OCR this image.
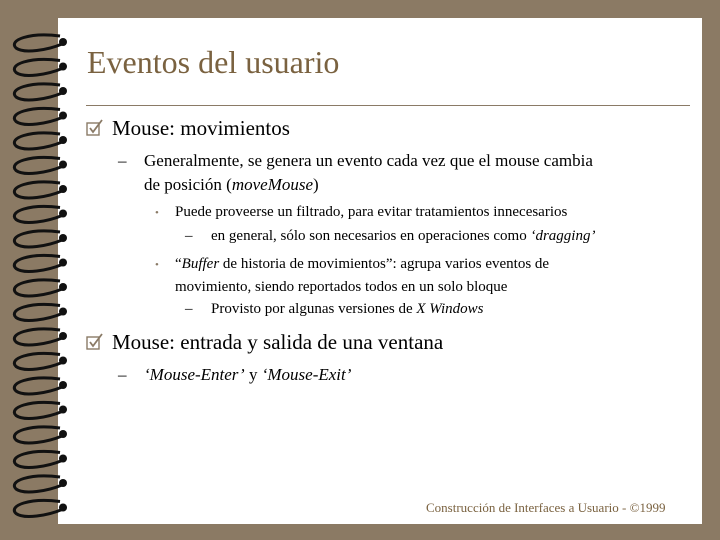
Eventos del usuario
Mouse: movimientos
– Generalmente, se genera un evento cada vez que el mouse cambia
de posición (moveMouse)
• Puede proveerse un filtrado, para evitar tratamientos innecesarios
– en general, sólo son necesarios en operaciones como ‘dragging’
• “Buffer de historia de movimientos”: agrupa varios eventos de
movimiento, siendo reportados todos en un solo bloque
– Provisto por algunas versiones de X Windows
Mouse: entrada y salida de una ventana
– ‘Mouse-Enter’ y ‘Mouse-Exit’
Construcción de Interfaces a Usuario - ©1999
